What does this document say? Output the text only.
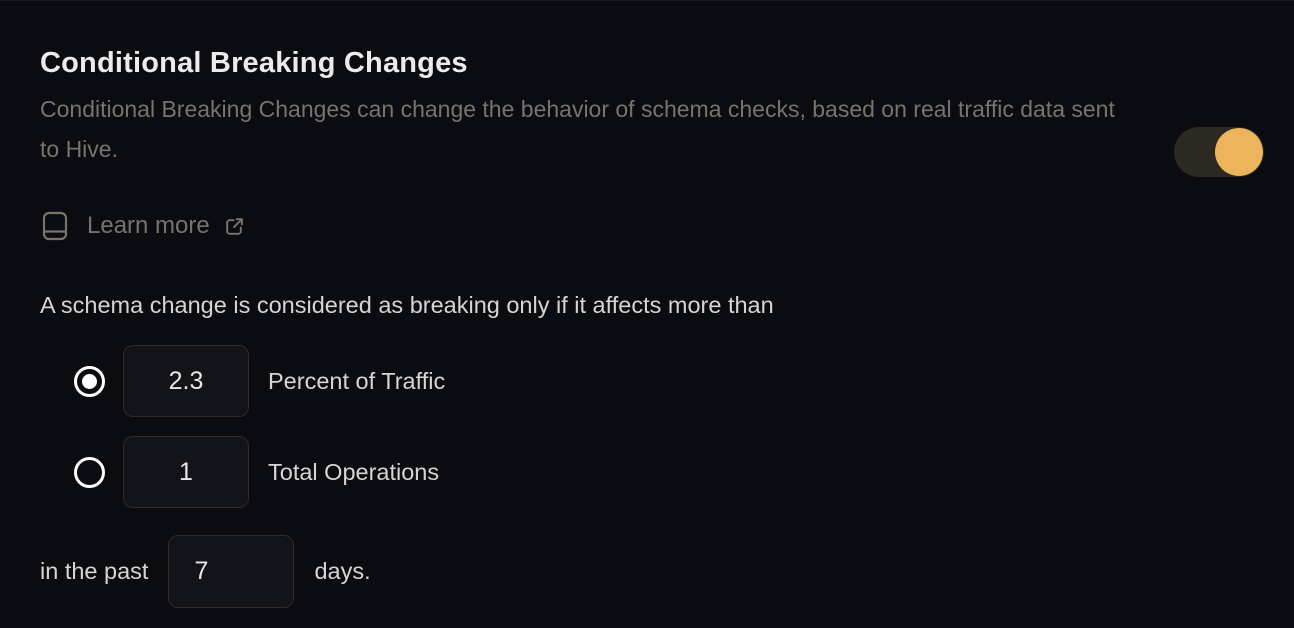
Conditional Breaking Changes

Conditional Breaking Changes can change the behavior of schema checks, based on real traffic data sent to Hive.

Learn more

A schema change is considered as breaking only if it affects more than

2.3
Percent of Traffic
1
Total Operations
in the past
7	days.
